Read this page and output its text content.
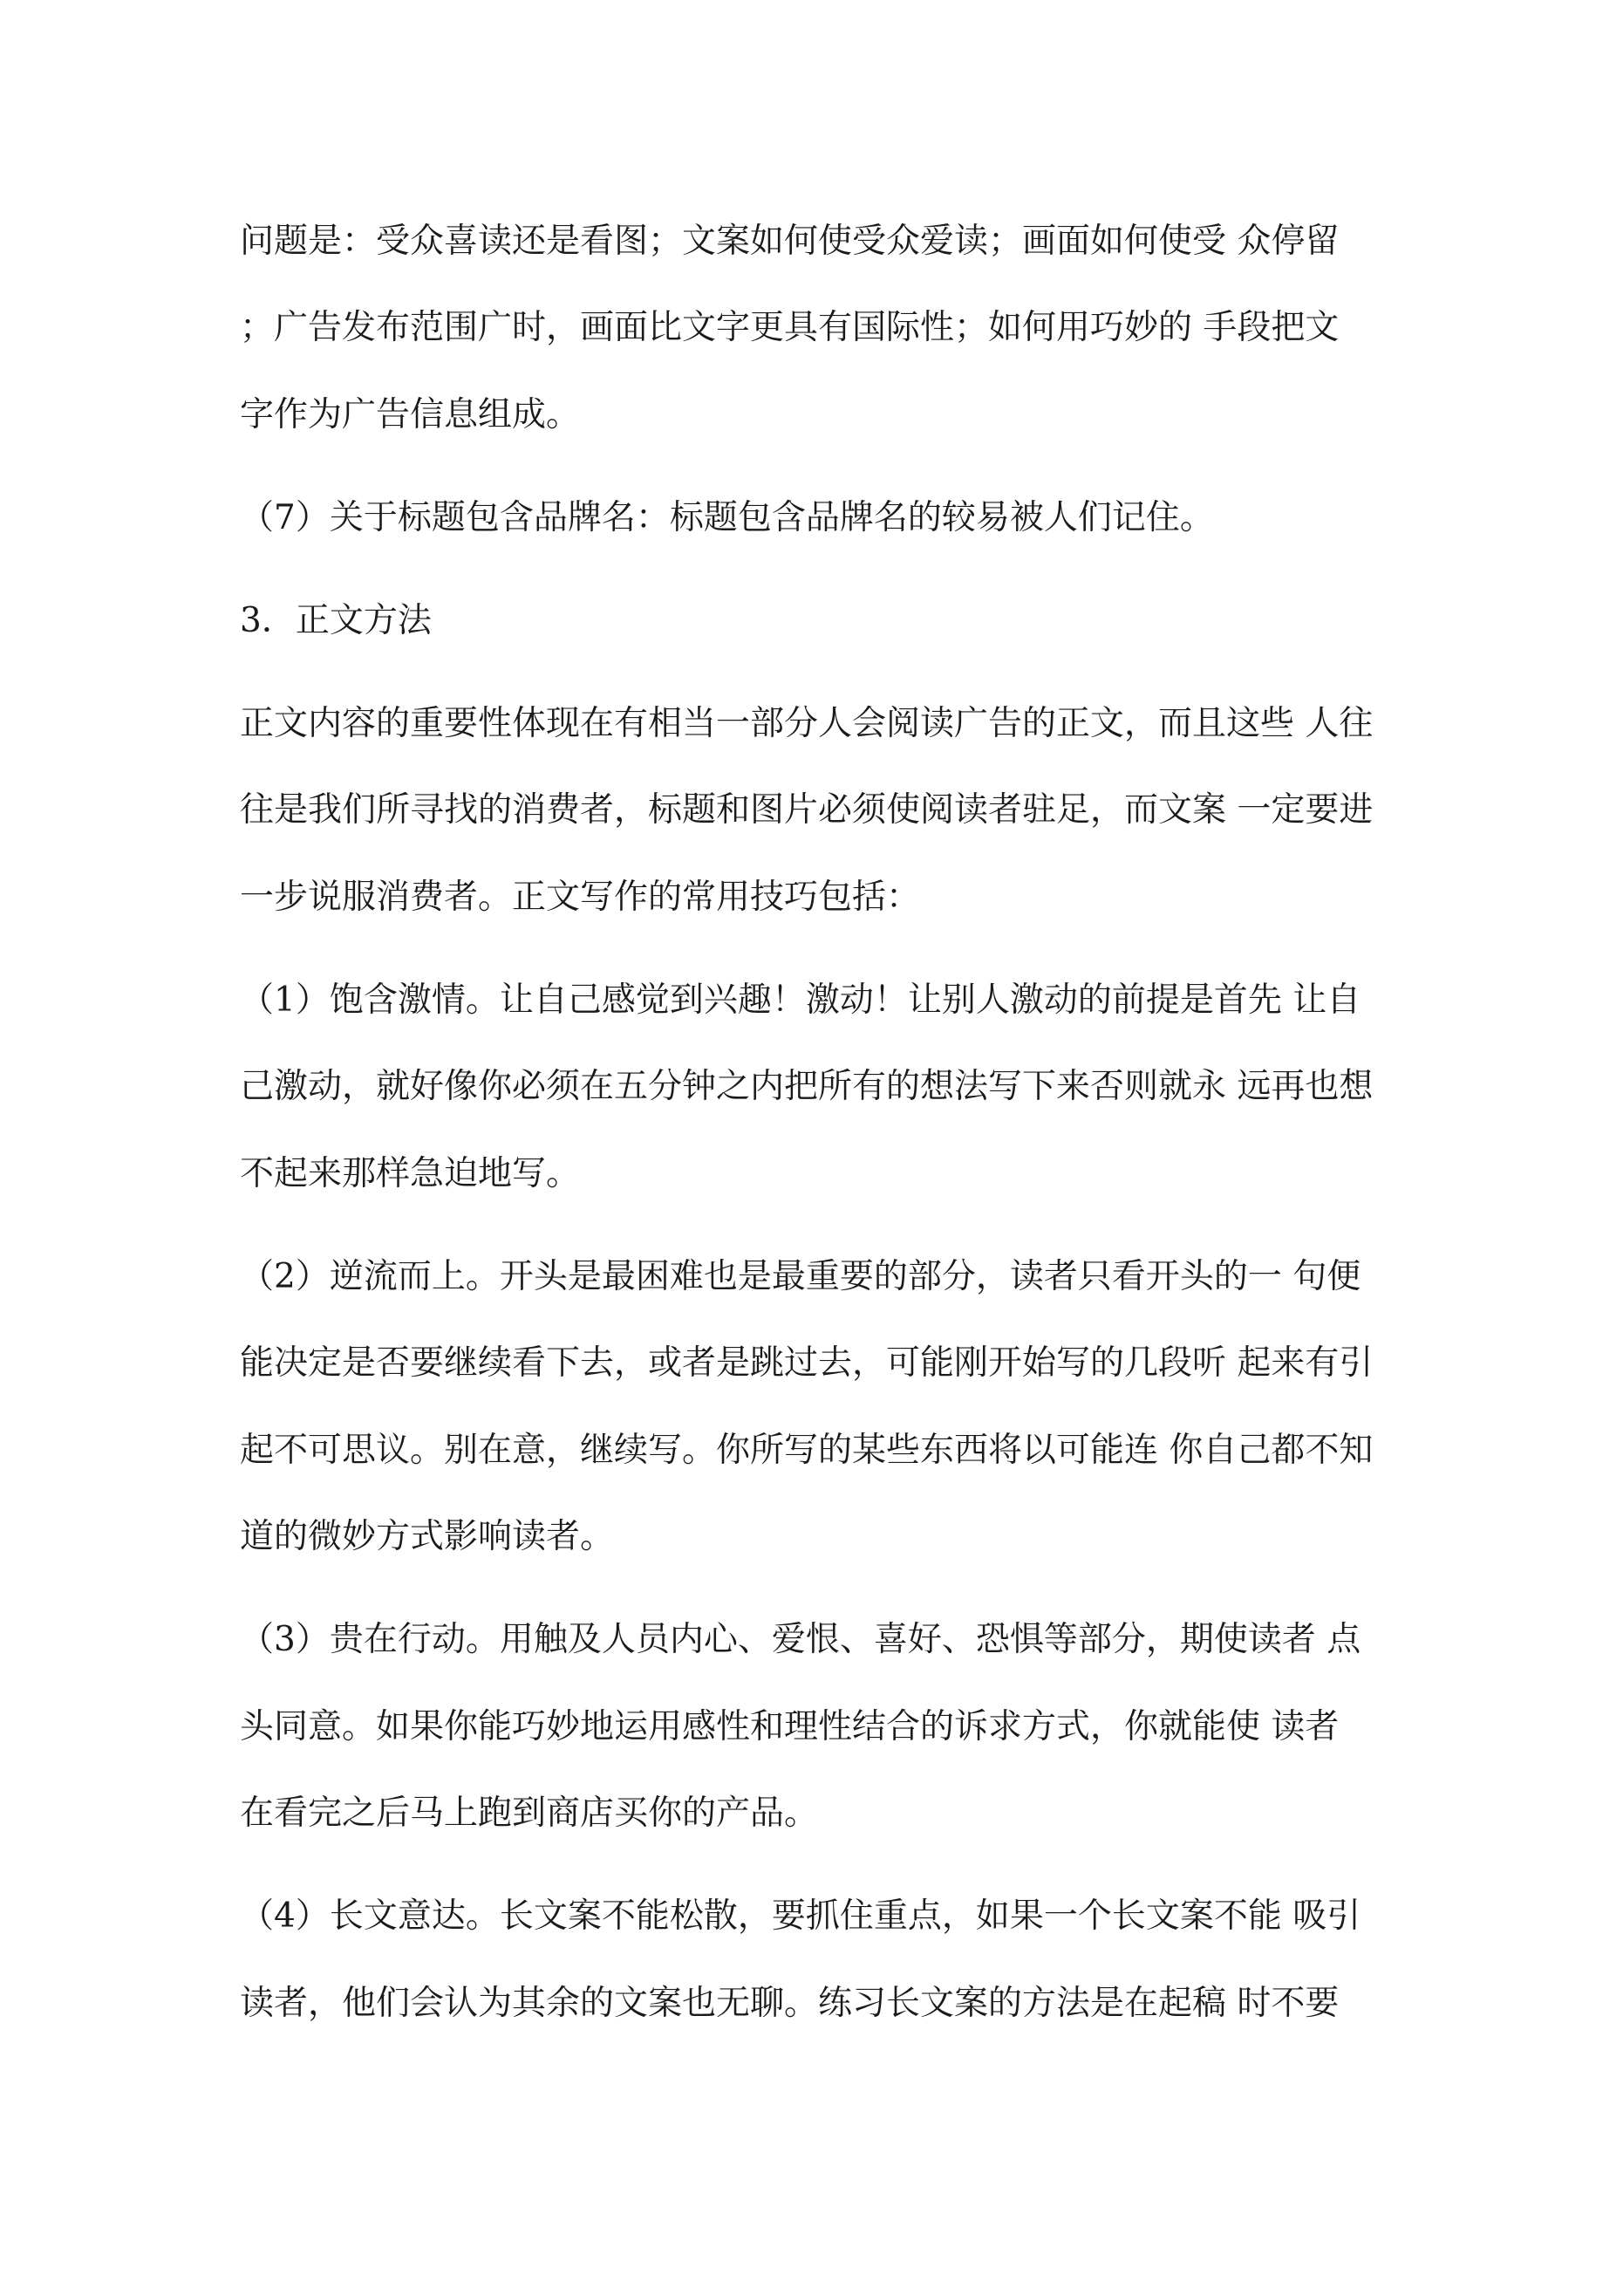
问题是：受众喜读还是看图；文案如何使受众爱读；画面如何使受 众停留

；广告发布范围广时，画面比文字更具有国际性；如何用巧妙的 手段把文

字作为广告信息组成。

（7）关于标题包含品牌名：标题包含品牌名的较易被人们记住。

3．正文方法

正文内容的重要性体现在有相当一部分人会阅读广告的正文，而且这些 人往

往是我们所寻找的消费者，标题和图片必须使阅读者驻足，而文案 一定要进

一步说服消费者。正文写作的常用技巧包括：

（1）饱含激情。让自己感觉到兴趣！激动！让别人激动的前提是首先 让自

己激动，就好像你必须在五分钟之内把所有的想法写下来否则就永 远再也想

不起来那样急迫地写。

（2）逆流而上。开头是最困难也是最重要的部分，读者只看开头的一 句便

能决定是否要继续看下去，或者是跳过去，可能刚开始写的几段听 起来有引

起不可思议。别在意，继续写。你所写的某些东西将以可能连 你自己都不知

道的微妙方式影响读者。

（3）贵在行动。用触及人员内心、爱恨、喜好、恐惧等部分，期使读者 点

头同意。如果你能巧妙地运用感性和理性结合的诉求方式，你就能使 读者

在看完之后马上跑到商店买你的产品。

（4）长文意达。长文案不能松散，要抓住重点，如果一个长文案不能 吸引

读者，他们会认为其余的文案也无聊。练习长文案的方法是在起稿 时不要
